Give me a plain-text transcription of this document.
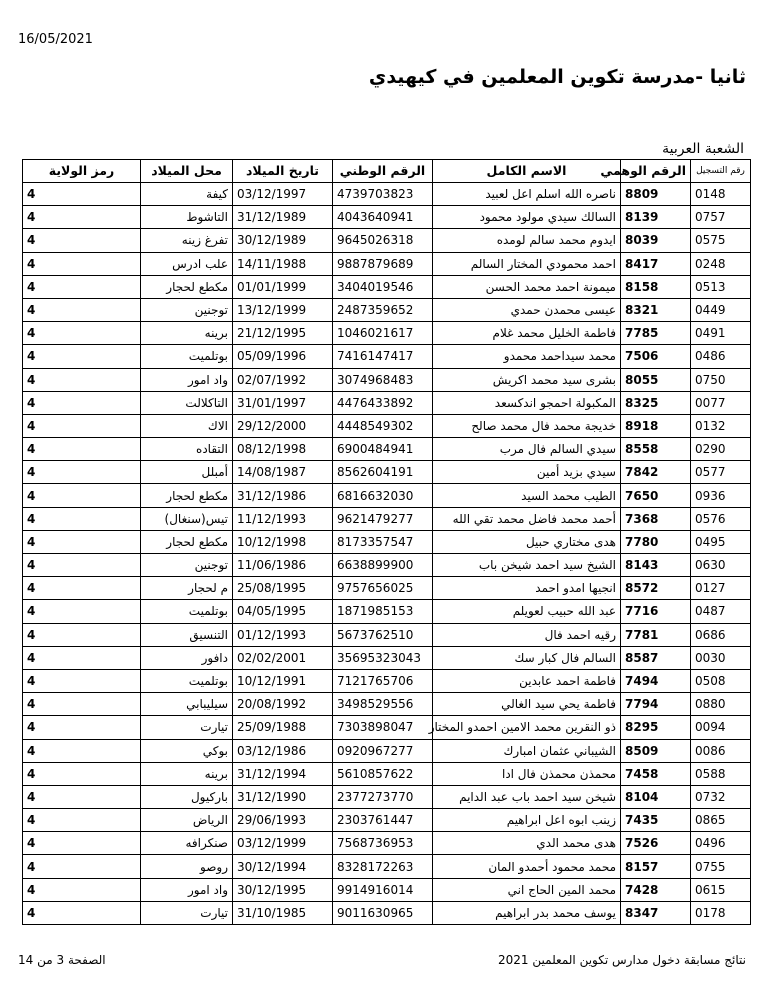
16/05/2021
ثانيا -مدرسة تكوين المعلمين في كيهيدي
الشعبة العربية
رقم التسجيل	الرقم الوهمي	الاسم الكامل	الرقم الوطني	تاريخ الميلاد	محل الميلاد	رمز الولاية
0148	8809	ناصره الله اسلم اعل لعبيد	4739703823	03/12/1997	كيفة	4
0757	8139	السالك سيدي مولود محمود	4043640941	31/12/1989	التاشوط	4
0575	8039	ايدوم محمد سالم لومده	9645026318	30/12/1989	تفرغ زينه	4
0248	8417	احمد محمودي المختار السالم	9887879689	14/11/1988	علب ادرس	4
0513	8158	ميمونة احمد محمد الحسن	3404019546	01/01/1999	مكطع لحجار	4
0449	8321	عيسى محمدن حمدي	2487359652	13/12/1999	توجنين	4
0491	7785	فاطمة الخليل محمد غلام	1046021617	21/12/1995	برينه	4
0486	7506	محمد سيداحمد محمدو	7416147417	05/09/1996	بوتلميت	4
0750	8055	بشرى سيد محمد اكريش	3074968483	02/07/1992	واد امور	4
0077	8325	المكبولة احمجو اندكسعد	4476433892	31/01/1997	التاكلالت	4
0132	8918	خديجة محمد فال محمد صالح	4448549302	29/12/2000	الاك	4
0290	8558	سيدي السالم فال مرب	6900484941	08/12/1998	التقاده	4
0577	7842	سيدي بزيد أمين	8562604191	14/08/1987	أمبلل	4
0936	7650	الطيب محمد السيد	6816632030	31/12/1986	مكطع لحجار	4
0576	7368	أحمد محمد فاضل محمد تقي الله	9621479277	11/12/1993	تيس(سنغال)	4
0495	7780	هدى مختاري حبيل	8173357547	10/12/1998	مكطع لحجار	4
0630	8143	الشيخ سيد احمد شيخن باب	6638899900	11/06/1986	توجنين	4
0127	8572	انجيها امدو احمد	9757656025	25/08/1995	م لحجار	4
0487	7716	عبد الله حبيب لعويلم	1871985153	04/05/1995	بوتلميت	4
0686	7781	رقيه احمد فال	5673762510	01/12/1993	التنسيق	4
0030	8587	السالم فال كبار سك	35695323043	02/02/2001	دافور	4
0508	7494	فاطمة احمد عابدين	7121765706	10/12/1991	بوتلميت	4
0880	7794	فاطمة يحي سيد الغالي	3498529556	20/08/1992	سيليبابي	4
0094	8295	ذو النقرين محمد الامين احمدو المختار	7303898047	25/09/1988	تيارت	4
0086	8509	الشيباني عثمان امبارك	0920967277	03/12/1986	بوكي	4
0588	7458	محمذن محمذن فال ادا	5610857622	31/12/1994	برينه	4
0732	8104	شيخن سيد احمد باب عبد الدايم	2377273770	31/12/1990	باركيول	4
0865	7435	زينب ابوه اعل ابراهيم	2303761447	29/06/1993	الرياض	4
0496	7526	هدى محمد الدي	7568736953	03/12/1999	صنكرافه	4
0755	8157	محمد محمود أحمدو المان	8328172263	30/12/1994	روصو	4
0615	7428	محمد المين الحاج اني	9914916014	30/12/1995	واد امور	4
0178	8347	يوسف محمد بدر ابراهيم	9011630965	31/10/1985	تيارت	4
نتائج مسابقة دخول مدارس تكوين المعلمين 2021
الصفحة 3 من 14
